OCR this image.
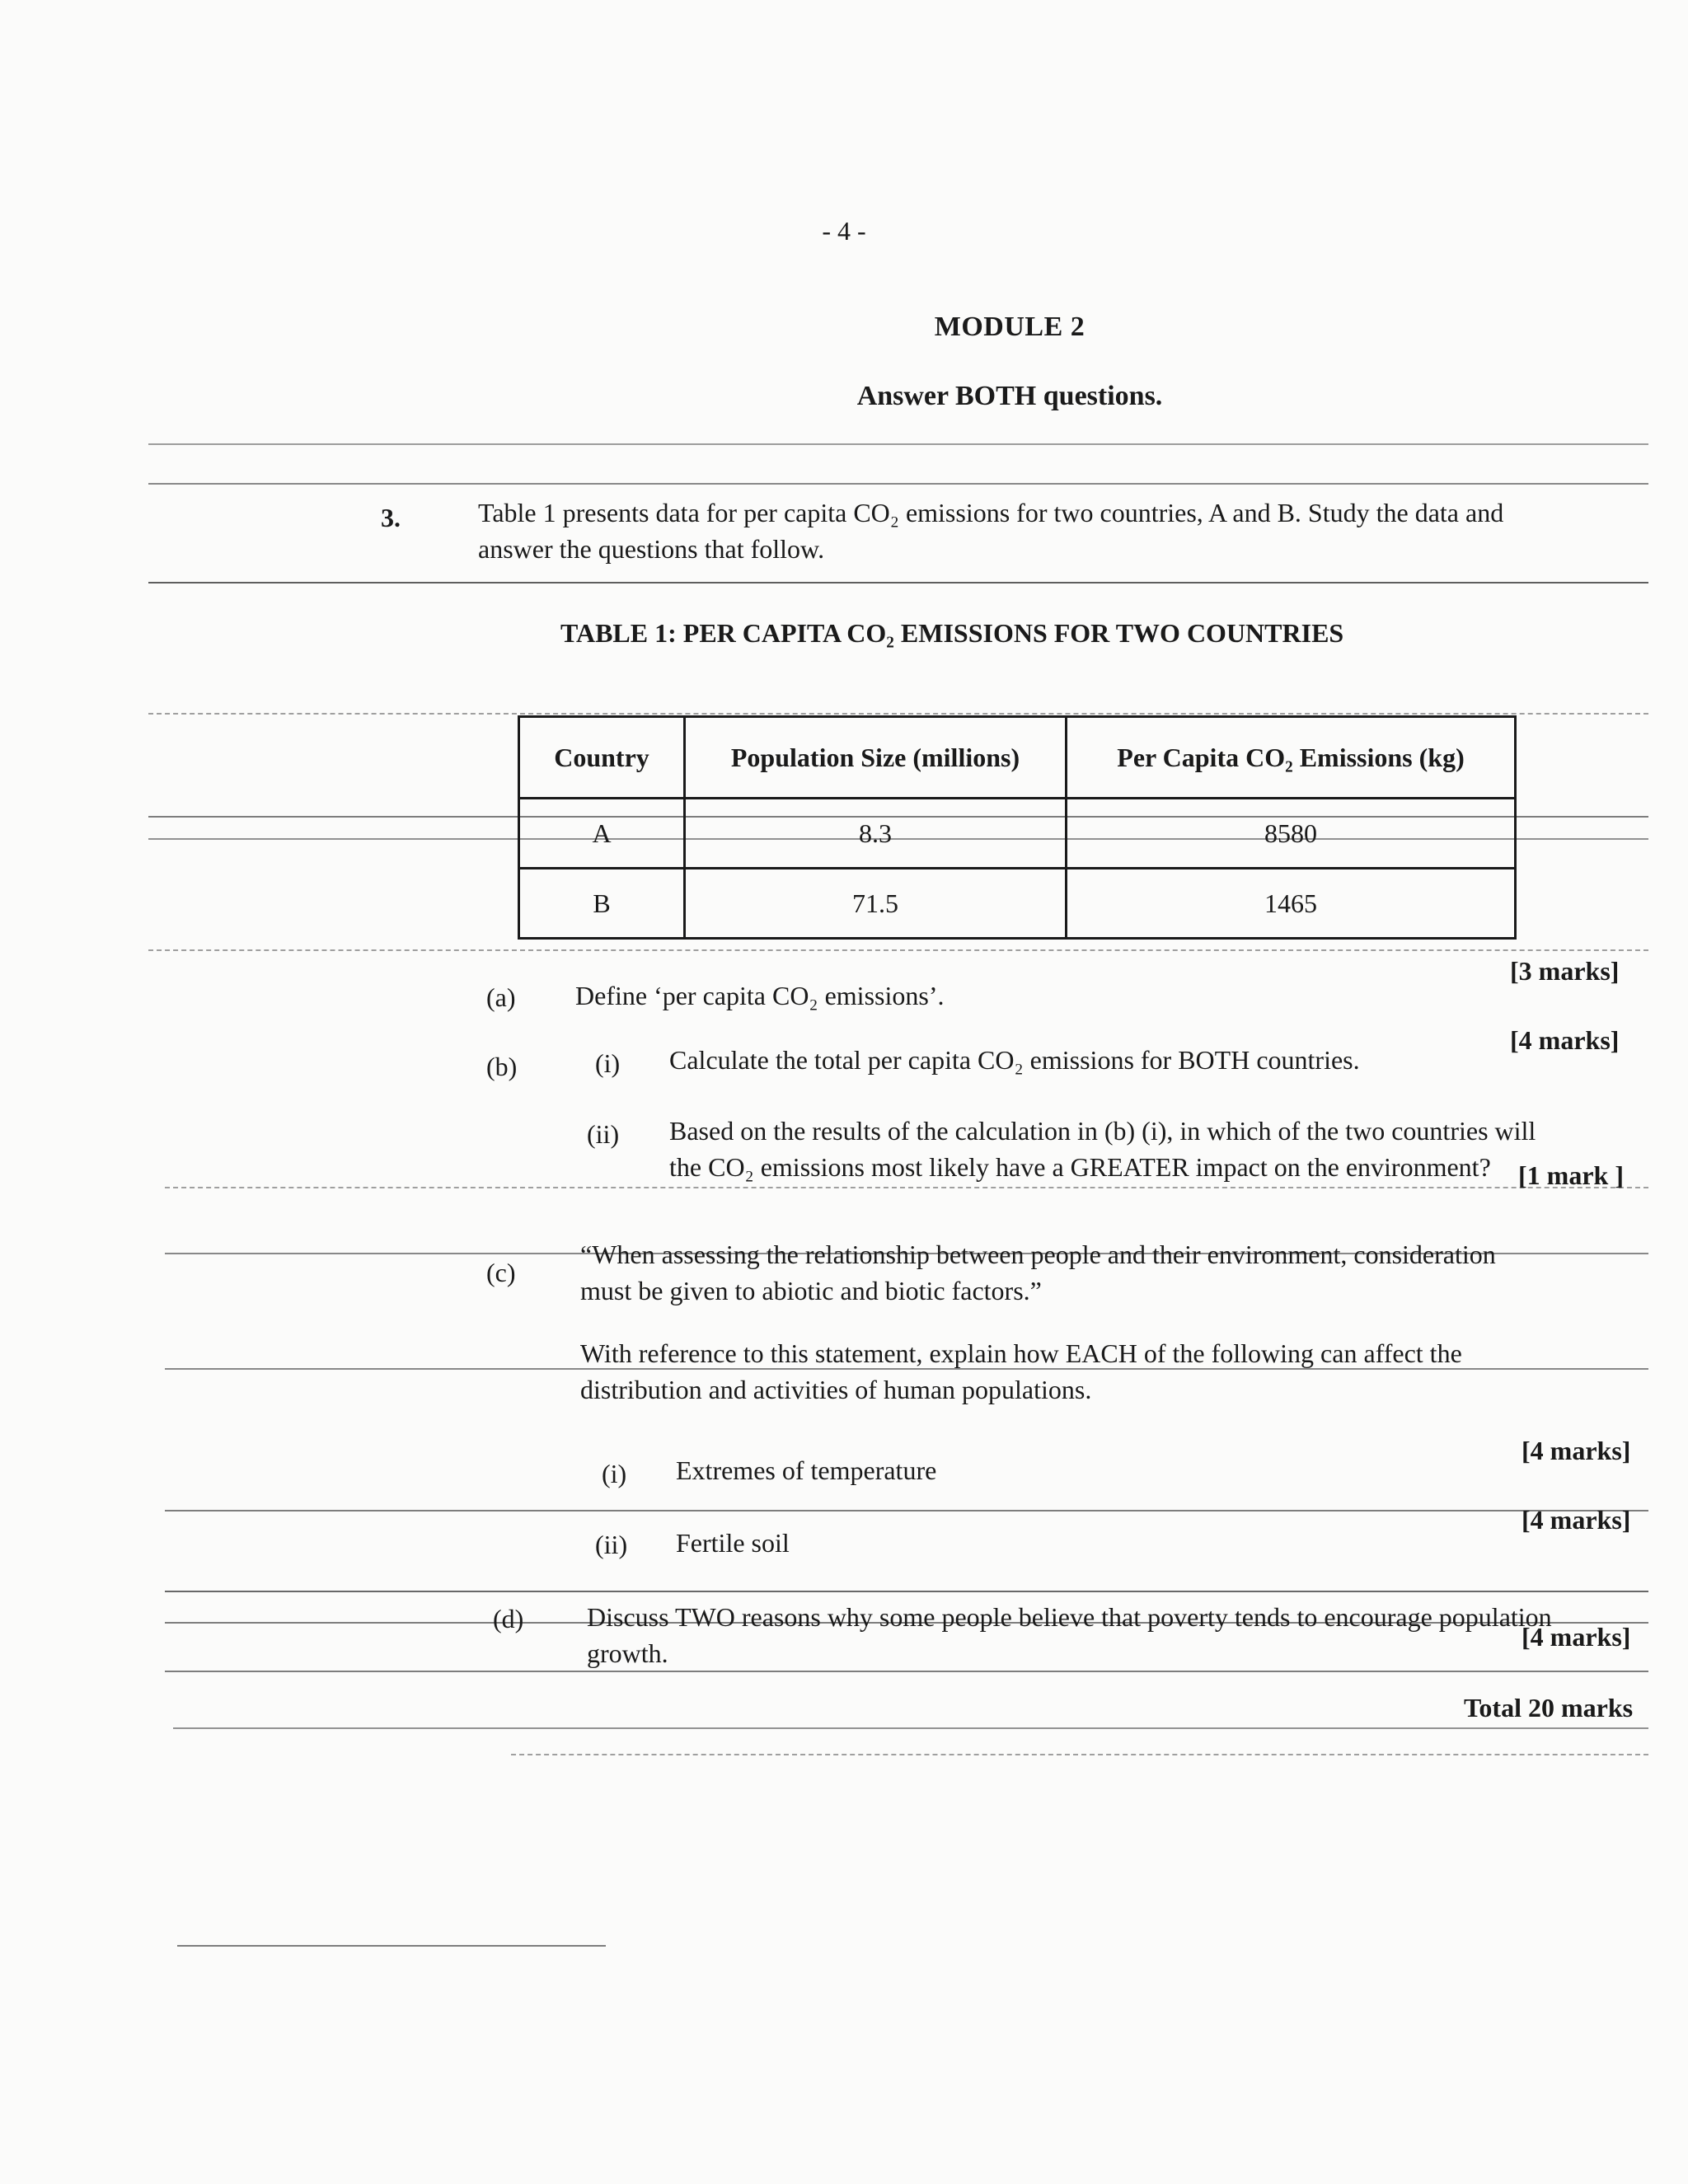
- 4 -
MODULE 2
Answer BOTH questions.
3.	Table 1 presents data for per capita CO₂ emissions for two countries, A and B. Study the data and
answer the questions that follow.
TABLE 1: PER CAPITA CO₂ EMISSIONS FOR TWO COUNTRIES
Country	Population Size (millions)	Per Capita CO₂ Emissions (kg)
A	8.3	8580
B	71.5	1465
(a) Define ‘per capita CO₂ emissions’.
[3 marks]
(b)	(i) Calculate the total per capita CO₂ emissions for BOTH countries.
[4 marks]
(ii) Based on the results of the calculation in (b) (i), in which of the two countries will
the CO₂ emissions most likely have a GREATER impact on the environment? [1 mark ]
(c)
“When assessing the relationship between people and their environment, consideration
must be given to abiotic and biotic factors.”
With reference to this statement, explain how EACH of the following can affect the
distribution and activities of human populations.
(i) Extremes of temperature
[4 marks]
(ii) Fertile soil
[4 marks]
(d) Discuss TWO reasons why some people believe that poverty tends to encourage population
growth.
[4 marks]
Total 20 marks
